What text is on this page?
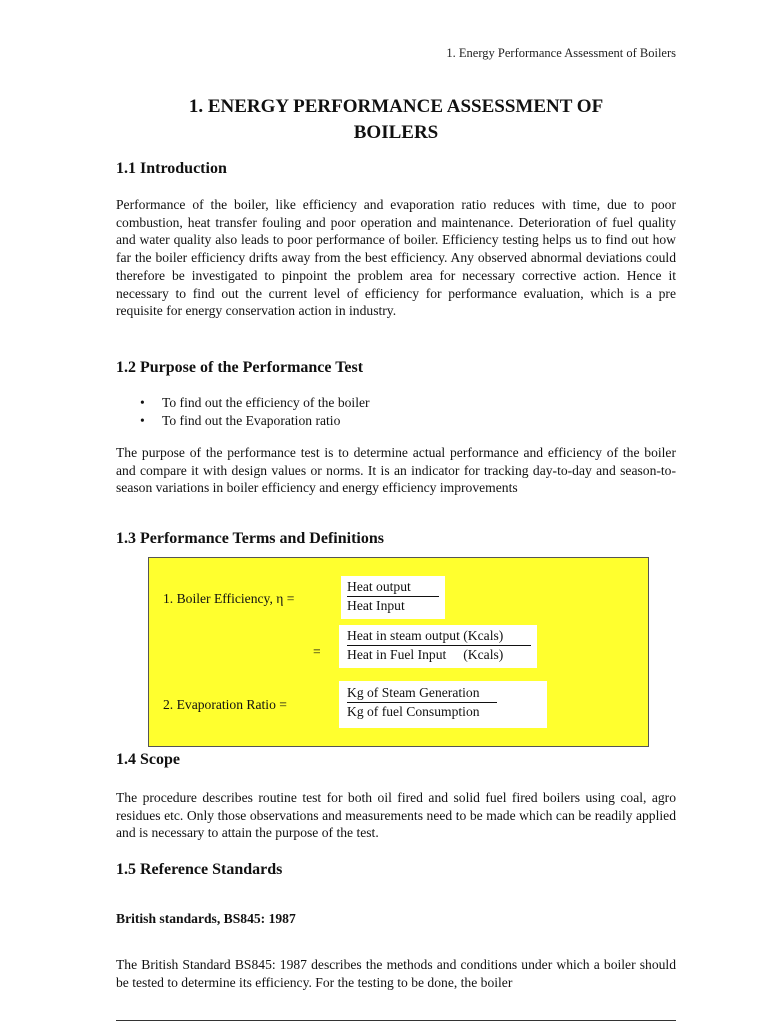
1. Energy Performance Assessment of Boilers
1. ENERGY PERFORMANCE ASSESSMENT OF
BOILERS
1.1 Introduction

Performance of the boiler, like efficiency and evaporation ratio reduces with time, due to poor combustion, heat transfer fouling and poor operation and maintenance. Deterioration of fuel quality and water quality also leads to poor performance of boiler. Efficiency testing helps us to find out how far the boiler efficiency drifts away from the best efficiency. Any observed abnormal deviations could therefore be investigated to pinpoint the problem area for necessary corrective action. Hence it necessary to find out the current level of efficiency for performance evaluation, which is a pre requisite for energy conservation action in industry.

1.2 Purpose of the Performance Test
• To find out the efficiency of the boiler
• To find out the Evaporation ratio

The purpose of the performance test is to determine actual performance and efficiency of the boiler and compare it with design values or norms. It is an indicator for tracking day-to-day and season-to-season variations in boiler efficiency and energy efficiency improvements

1.3 Performance Terms and Definitions
1. Boiler Efficiency, η =
Heat output
Heat Input
=
Heat in steam output (Kcals)
Heat in Fuel Input     (Kcals)
2. Evaporation Ratio =
Kg of Steam Generation
Kg of fuel Consumption
1.4 Scope

The procedure describes routine test for both oil fired and solid fuel fired boilers using coal, agro residues etc. Only those observations and measurements need to be made which can be readily applied and is necessary to attain the purpose of the test.

1.5 Reference Standards
British standards, BS845: 1987

The British Standard BS845: 1987 describes the methods and conditions under which a boiler should be tested to determine its efficiency. For the testing to be done, the boiler
